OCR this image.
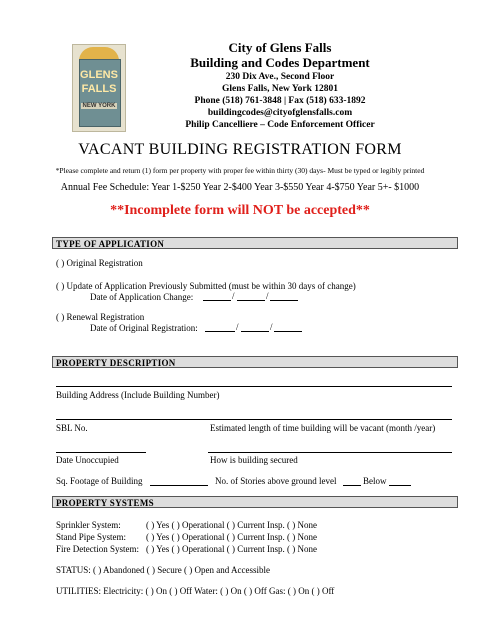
GLENS
FALLS
NEW YORK
City of Glens Falls
Building and Codes Department
230 Dix Ave., Second Floor
Glens Falls, New York 12801
Phone (518) 761-3848 | Fax (518) 633-1892
buildingcodes@cityofglensfalls.com
Philip Cancelliere – Code Enforcement Officer
VACANT BUILDING REGISTRATION FORM
*Please complete and return (1) form per property with proper fee within thirty (30) days- Must be typed or legibly printed
Annual Fee Schedule: Year 1-$250 Year 2-$400 Year 3-$550 Year 4-$750 Year 5+- $1000
**Incomplete form will NOT be accepted**
TYPE OF APPLICATION
( ) Original Registration
( ) Update of Application Previously Submitted (must be within 30 days of change)
Date of Application Change:	/	/
( ) Renewal Registration
Date of Original Registration:	/	/
PROPERTY DESCRIPTION
Building Address (Include Building Number)
SBL No.	Estimated length of time building will be vacant (month /year)
Date Unoccupied	How is building secured
Sq. Footage of Building	No. of Stories above ground level	Below
PROPERTY SYSTEMS
Sprinkler System:	( ) Yes ( ) Operational ( ) Current Insp. ( ) None
Stand Pipe System: ( ) Yes ( ) Operational ( ) Current Insp. ( ) None
Fire Detection System: ( ) Yes ( ) Operational ( ) Current Insp. ( ) None
STATUS: ( ) Abandoned ( ) Secure ( ) Open and Accessible
UTILITIES: Electricity: ( ) On ( ) Off Water: ( ) On ( ) Off Gas: ( ) On ( ) Off
